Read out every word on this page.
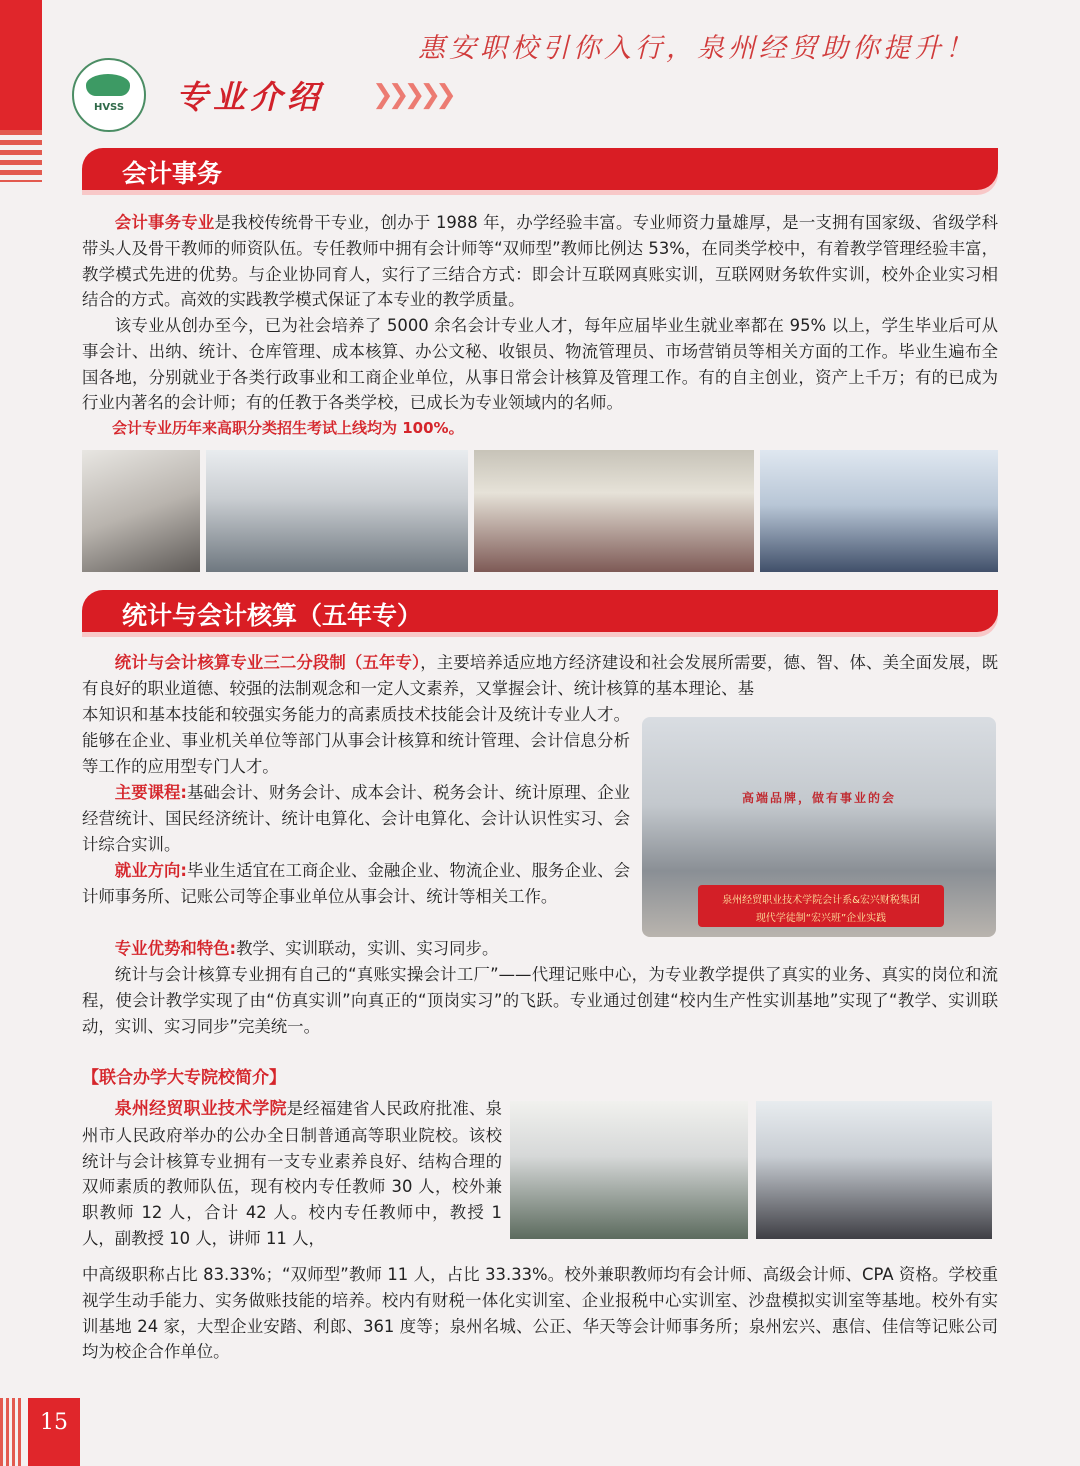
15
惠安职校引你入行，泉州经贸助你提升！
HVSS	专业介绍 ❯❯❯❯❯
会计事务
会计事务专业是我校传统骨干专业，创办于 1988 年，办学经验丰富。专业师资力量雄厚，是一支拥有国家级、省级学科带头人及骨干教师的师资队伍。专任教师中拥有会计师等“双师型”教师比例达 53%，在同类学校中，有着教学管理经验丰富，教学模式先进的优势。与企业协同育人，实行了三结合方式：即会计互联网真账实训，互联网财务软件实训，校外企业实习相结合的方式。高效的实践教学模式保证了本专业的教学质量。
该专业从创办至今，已为社会培养了 5000 余名会计专业人才，每年应届毕业生就业率都在 95% 以上，学生毕业后可从事会计、出纳、统计、仓库管理、成本核算、办公文秘、收银员、物流管理员、市场营销员等相关方面的工作。毕业生遍布全国各地，分别就业于各类行政事业和工商企业单位，从事日常会计核算及管理工作。有的自主创业，资产上千万；有的已成为行业内著名的会计师；有的任教于各类学校，已成长为专业领域内的名师。
会计专业历年来高职分类招生考试上线均为 100%。
统计与会计核算（五年专）
统计与会计核算专业三二分段制（五年专），主要培养适应地方经济建设和社会发展所需要，德、智、体、美全面发展，既有良好的职业道德、较强的法制观念和一定人文素养，又掌握会计、统计核算的基本理论、基
本知识和基本技能和较强实务能力的高素质技术技能会计及统计专业人才。能够在企业、事业机关单位等部门从事会计核算和统计管理、会计信息分析等工作的应用型专门人才。
主要课程:基础会计、财务会计、成本会计、税务会计、统计原理、企业经营统计、国民经济统计、统计电算化、会计电算化、会计认识性实习、会计综合实训。
就业方向:毕业生适宜在工商企业、金融企业、物流企业、服务企业、会计师事务所、记账公司等企事业单位从事会计、统计等相关工作。
高端品牌，做有事业的会
泉州经贸职业技术学院会计系&宏兴财税集团
现代学徒制“宏兴班”企业实践
专业优势和特色:教学、实训联动，实训、实习同步。
统计与会计核算专业拥有自己的“真账实操会计工厂”——代理记账中心，为专业教学提供了真实的业务、真实的岗位和流程，使会计教学实现了由“仿真实训”向真正的“顶岗实习”的飞跃。专业通过创建“校内生产性实训基地”实现了“教学、实训联动，实训、实习同步”完美统一。
【联合办学大专院校简介】
泉州经贸职业技术学院是经福建省人民政府批准、泉州市人民政府举办的公办全日制普通高等职业院校。该校统计与会计核算专业拥有一支专业素养良好、结构合理的双师素质的教师队伍，现有校内专任教师 30 人，校外兼职教师 12 人，合计 42 人。校内专任教师中，教授 1 人，副教授 10 人，讲师 11 人，
中高级职称占比 83.33%；“双师型”教师 11 人，占比 33.33%。校外兼职教师均有会计师、高级会计师、CPA 资格。学校重视学生动手能力、实务做账技能的培养。校内有财税一体化实训室、企业报税中心实训室、沙盘模拟实训室等基地。校外有实训基地 24 家，大型企业安踏、利郎、361 度等；泉州名城、公正、华天等会计师事务所；泉州宏兴、惠信、佳信等记账公司均为校企合作单位。
